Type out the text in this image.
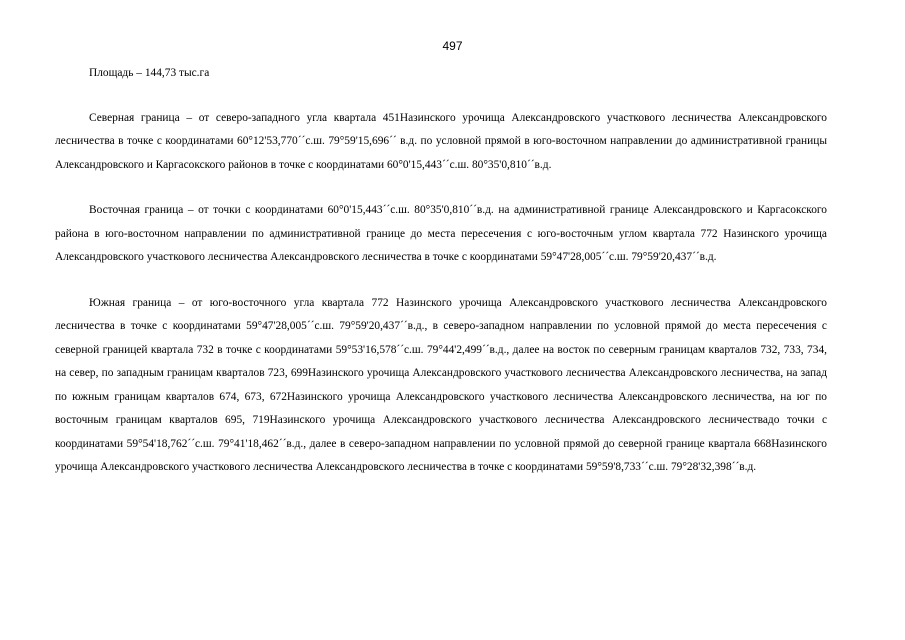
497

Площадь – 144,73 тыс.га

Северная граница – от северо-западного угла квартала 451Назинского урочища Александровского участкового лесничества Александровского лесничества в точке с координатами 60°12'53,770´´с.ш. 79°59'15,696´´ в.д. по условной прямой в юго-восточном направлении до административной границы Александровского и Каргасокского районов в точке с координатами 60°0'15,443´´с.ш. 80°35'0,810´´в.д.

Восточная граница – от точки с координатами 60°0'15,443´´с.ш. 80°35'0,810´´в.д. на административной границе Александровского и Каргасокского района в юго-восточном направлении по административной границе до места пересечения с юго-восточным углом квартала 772 Назинского урочища Александровского участкового лесничества Александровского лесничества в точке с координатами 59°47'28,005´´с.ш. 79°59'20,437´´в.д.

Южная граница – от юго-восточного угла квартала 772 Назинского урочища Александровского участкового лесничества Александровского лесничества в точке с координатами 59°47'28,005´´с.ш. 79°59'20,437´´в.д., в северо-западном направлении по условной прямой до места пересечения с северной границей квартала 732 в точке с координатами 59°53'16,578´´с.ш. 79°44'2,499´´в.д., далее на восток по северным границам кварталов 732, 733, 734, на север, по западным границам кварталов 723, 699Назинского урочища Александровского участкового лесничества Александровского лесничества, на запад по южным границам кварталов 674, 673, 672Назинского урочища Александровского участкового лесничества Александровского лесничества, на юг по восточным границам кварталов 695, 719Назинского урочища Александровского участкового лесничества Александровского лесничествадо точки с координатами 59°54'18,762´´с.ш. 79°41'18,462´´в.д., далее в северо-западном направлении по условной прямой до северной границе квартала 668Назинского урочища Александровского участкового лесничества Александровского лесничества в точке с координатами 59°59'8,733´´с.ш. 79°28'32,398´´в.д.
